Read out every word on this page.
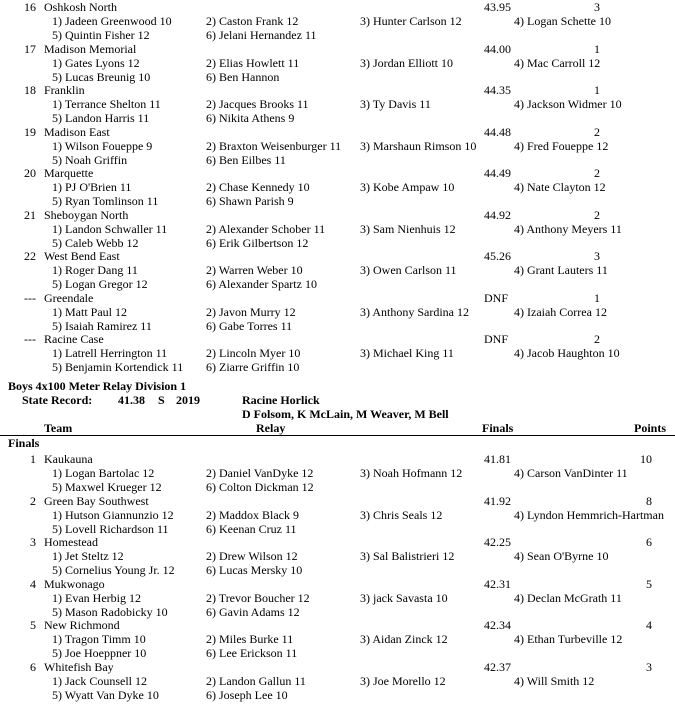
16 Oshkosh North	43.95	3
1) Jadeen Greenwood 10	2) Caston Frank 12	3) Hunter Carlson 12	4) Logan Schette 10
5) Quintin Fisher 12	6) Jelani Hernandez 11
17 Madison Memorial	44.00	1
1) Gates Lyons 12	2) Elias Howlett 11	3) Jordan Elliott 10	4) Mac Carroll 12
5) Lucas Breunig 10	6) Ben Hannon
18 Franklin	44.35	1
1) Terrance Shelton 11	2) Jacques Brooks 11	3) Ty Davis 11	4) Jackson Widmer 10
5) Landon Harris 11	6) Nikita Athens 9
19 Madison East	44.48	2
1) Wilson Foueppe 9	2) Braxton Weisenburger 11 3) Marshaun Rimson 10	4) Fred Foueppe 12
5) Noah Griffin	6) Ben Eilbes 11
20 Marquette	44.49	2
1) PJ O'Brien 11	2) Chase Kennedy 10	3) Kobe Ampaw 10	4) Nate Clayton 12
5) Ryan Tomlinson 11	6) Shawn Parish 9
21 Sheboygan North	44.92	2
1) Landon Schwaller 11	2) Alexander Schober 11	3) Sam Nienhuis 12	4) Anthony Meyers 11
5) Caleb Webb 12	6) Erik Gilbertson 12
22 West Bend East	45.26	3
1) Roger Dang 11	2) Warren Weber 10	3) Owen Carlson 11	4) Grant Lauters 11
5) Logan Gregor 12	6) Alexander Spartz 10
--- Greendale	DNF	1
1) Matt Paul 12	2) Javon Murry 12	3) Anthony Sardina 12	4) Izaiah Correa 12
5) Isaiah Ramirez 11	6) Gabe Torres 11
--- Racine Case	DNF	2
1) Latrell Herrington 11	2) Lincoln Myer 10	3) Michael King 11	4) Jacob Haughton 10
5) Benjamin Kortendick 11 6) Ziarre Griffin 10
Boys 4x100 Meter Relay Division 1
State Record: 41.38 S 2019	Racine Horlick
D Folsom, K McLain, M Weaver, M Bell
Team	Relay	Finals	Points
Finals
1 Kaukauna	41.81	10
1) Logan Bartolac 12	2) Daniel VanDyke 12	3) Noah Hofmann 12	4) Carson VanDinter 11
5) Maxwel Krueger 12	6) Colton Dickman 12
2 Green Bay Southwest	41.92	8
1) Hutson Giannunzio 12	2) Maddox Black 9	3) Chris Seals 12	4) Lyndon Hemmrich-Hartman
5) Lovell Richardson 11	6) Keenan Cruz 11
3 Homestead	42.25	6
1) Jet Steltz 12	2) Drew Wilson 12	3) Sal Balistrieri 12	4) Sean O'Byrne 10
5) Cornelius Young Jr. 12	6) Lucas Mersky 10
4 Mukwonago	42.31	5
1) Evan Herbig 12	2) Trevor Boucher 12	3) jack Savasta 10	4) Declan McGrath 11
5) Mason Radobicky 10	6) Gavin Adams 12
5 New Richmond	42.34	4
1) Tragon Timm 10	2) Miles Burke 11	3) Aidan Zinck 12	4) Ethan Turbeville 12
5) Joe Hoeppner 10	6) Lee Erickson 11
6 Whitefish Bay	42.37	3
1) Jack Counsell 12	2) Landon Gallun 11	3) Joe Morello 12	4) Will Smith 12
5) Wyatt Van Dyke 10	6) Joseph Lee 10
